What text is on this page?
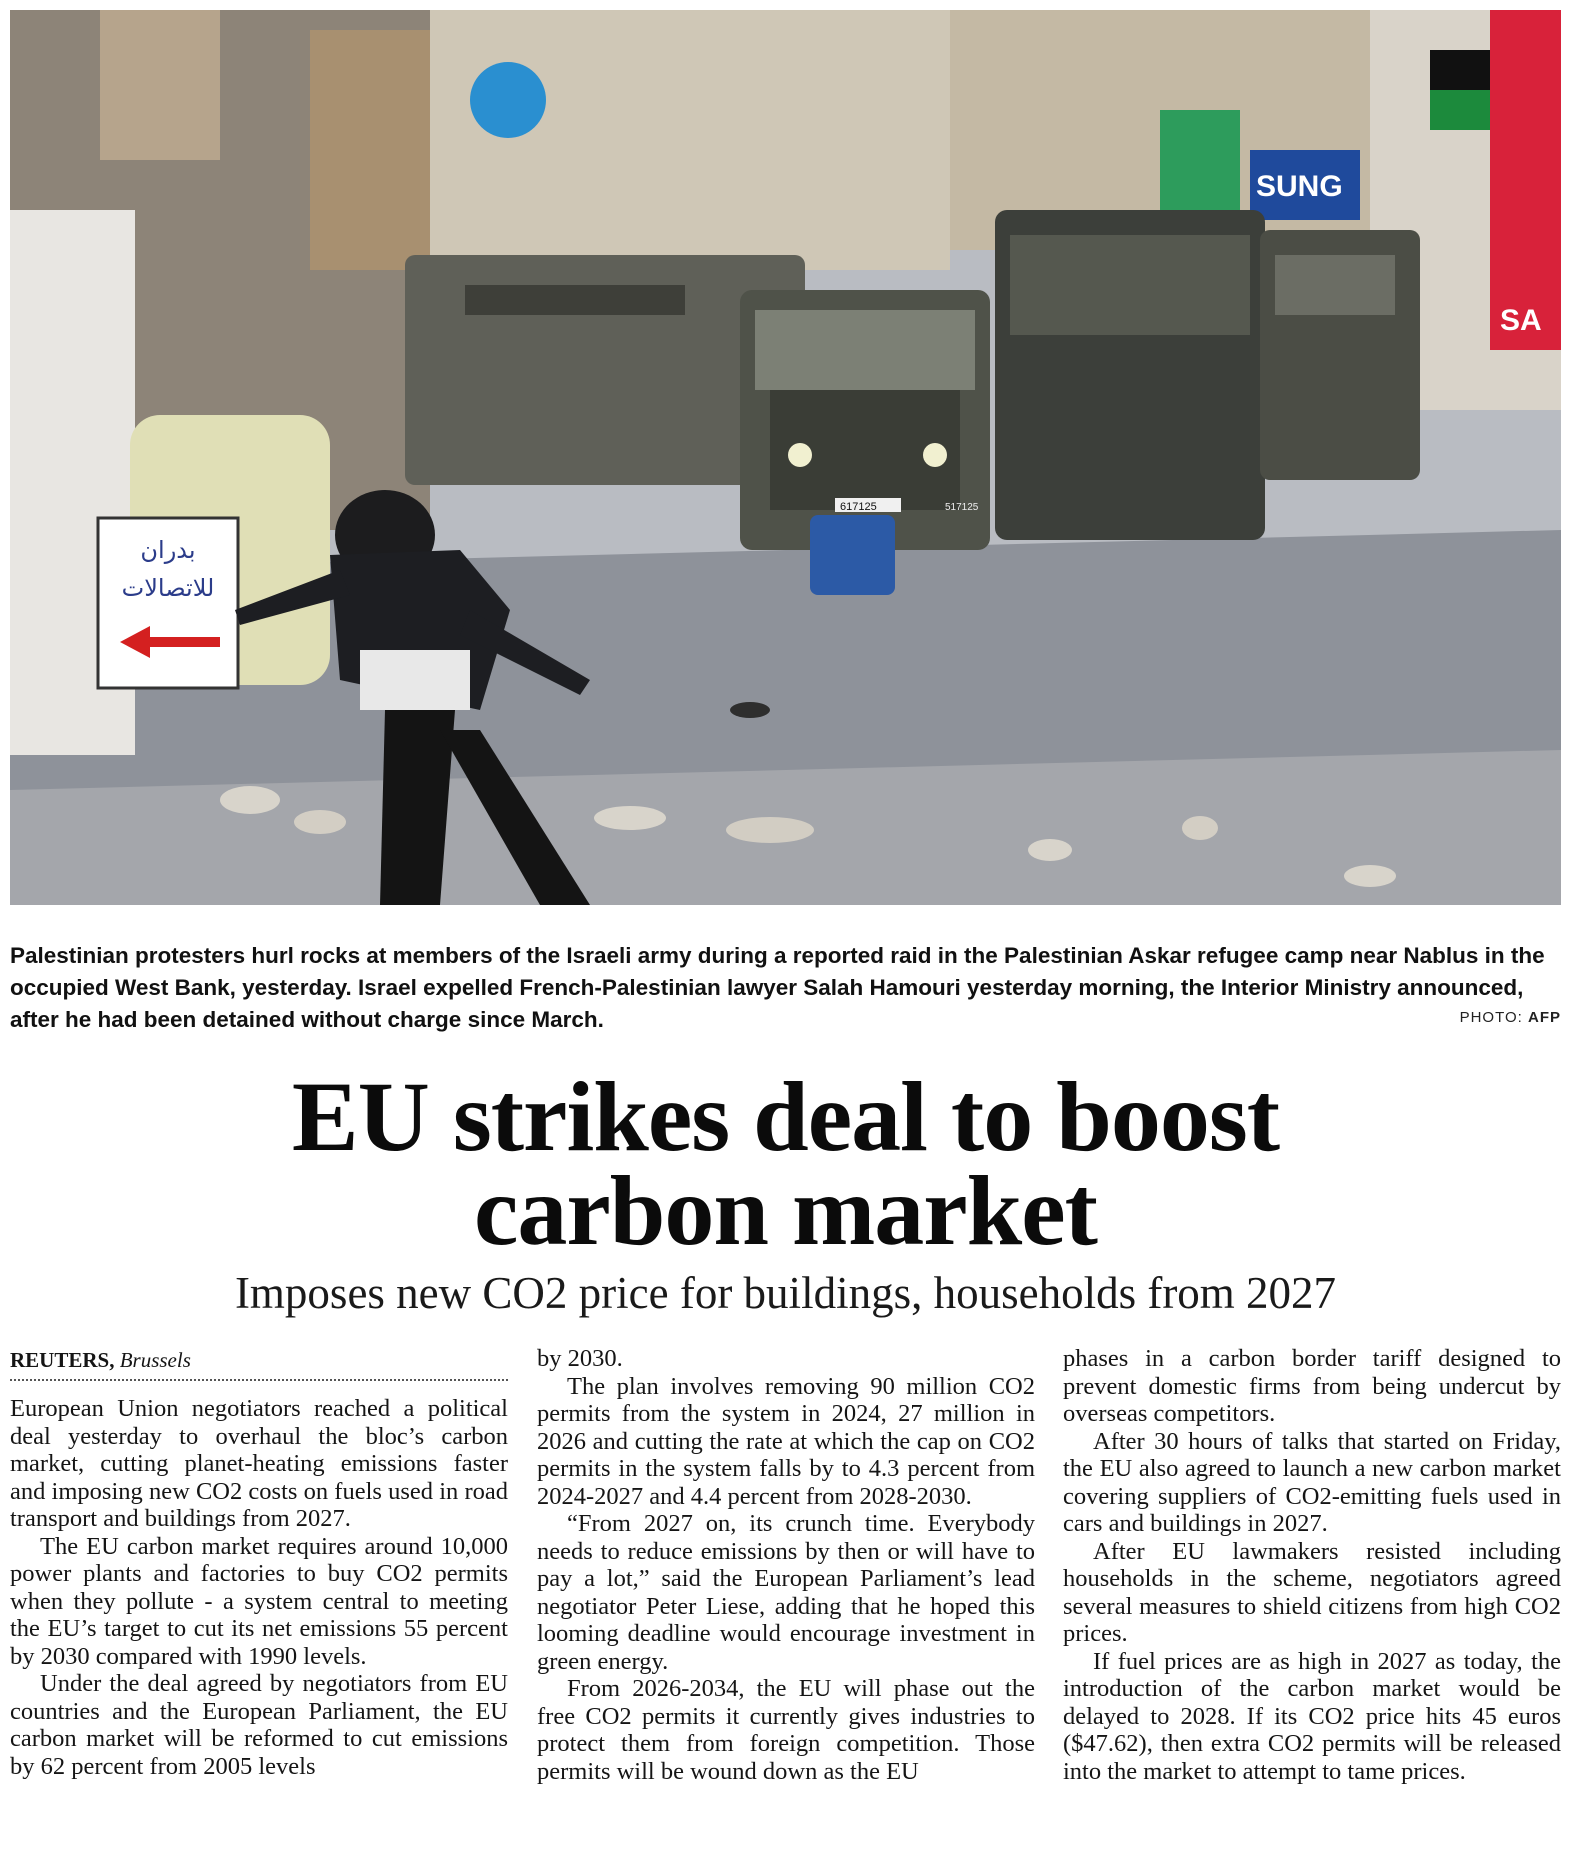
SUNG
SA
617125	517125
بدران
للاتصالات
Palestinian protesters hurl rocks at members of the Israeli army during a reported raid in the Palestinian Askar refugee camp near Nablus in the occupied West Bank, yesterday. Israel expelled French-Palestinian lawyer Salah Hamouri yesterday morning, the Interior Ministry announced, after he had been detained without charge since March.	PHOTO: AFP
EU strikes deal to boost
carbon market
Imposes new CO2 price for buildings, households from 2027
REUTERS, Brussels

European Union negotiators reached a political deal yesterday to overhaul the bloc’s carbon market, cutting planet-heating emissions faster and imposing new CO2 costs on fuels used in road transport and buildings from 2027.

The EU carbon market requires around 10,000 power plants and factories to buy CO2 permits when they pollute - a system central to meeting the EU’s target to cut its net emissions 55 percent by 2030 compared with 1990 levels.

Under the deal agreed by negotiators from EU countries and the European Parliament, the EU carbon market will be reformed to cut emissions by 62 percent from 2005 levels

by 2030.

The plan involves removing 90 million CO2 permits from the system in 2024, 27 million in 2026 and cutting the rate at which the cap on CO2 permits in the system falls by to 4.3 percent from 2024-2027 and 4.4 percent from 2028-2030.

“From 2027 on, its crunch time. Everybody needs to reduce emissions by then or will have to pay a lot,” said the European Parliament’s lead negotiator Peter Liese, adding that he hoped this looming deadline would encourage investment in green energy.

From 2026-2034, the EU will phase out the free CO2 permits it currently gives industries to protect them from foreign competition. Those permits will be wound down as the EU

phases in a carbon border tariff designed to prevent domestic firms from being undercut by overseas competitors.

After 30 hours of talks that started on Friday, the EU also agreed to launch a new carbon market covering suppliers of CO2-emitting fuels used in cars and buildings in 2027.

After EU lawmakers resisted including households in the scheme, negotiators agreed several measures to shield citizens from high CO2 prices.

If fuel prices are as high in 2027 as today, the introduction of the carbon market would be delayed to 2028. If its CO2 price hits 45 euros ($47.62), then extra CO2 permits will be released into the market to attempt to tame prices.
